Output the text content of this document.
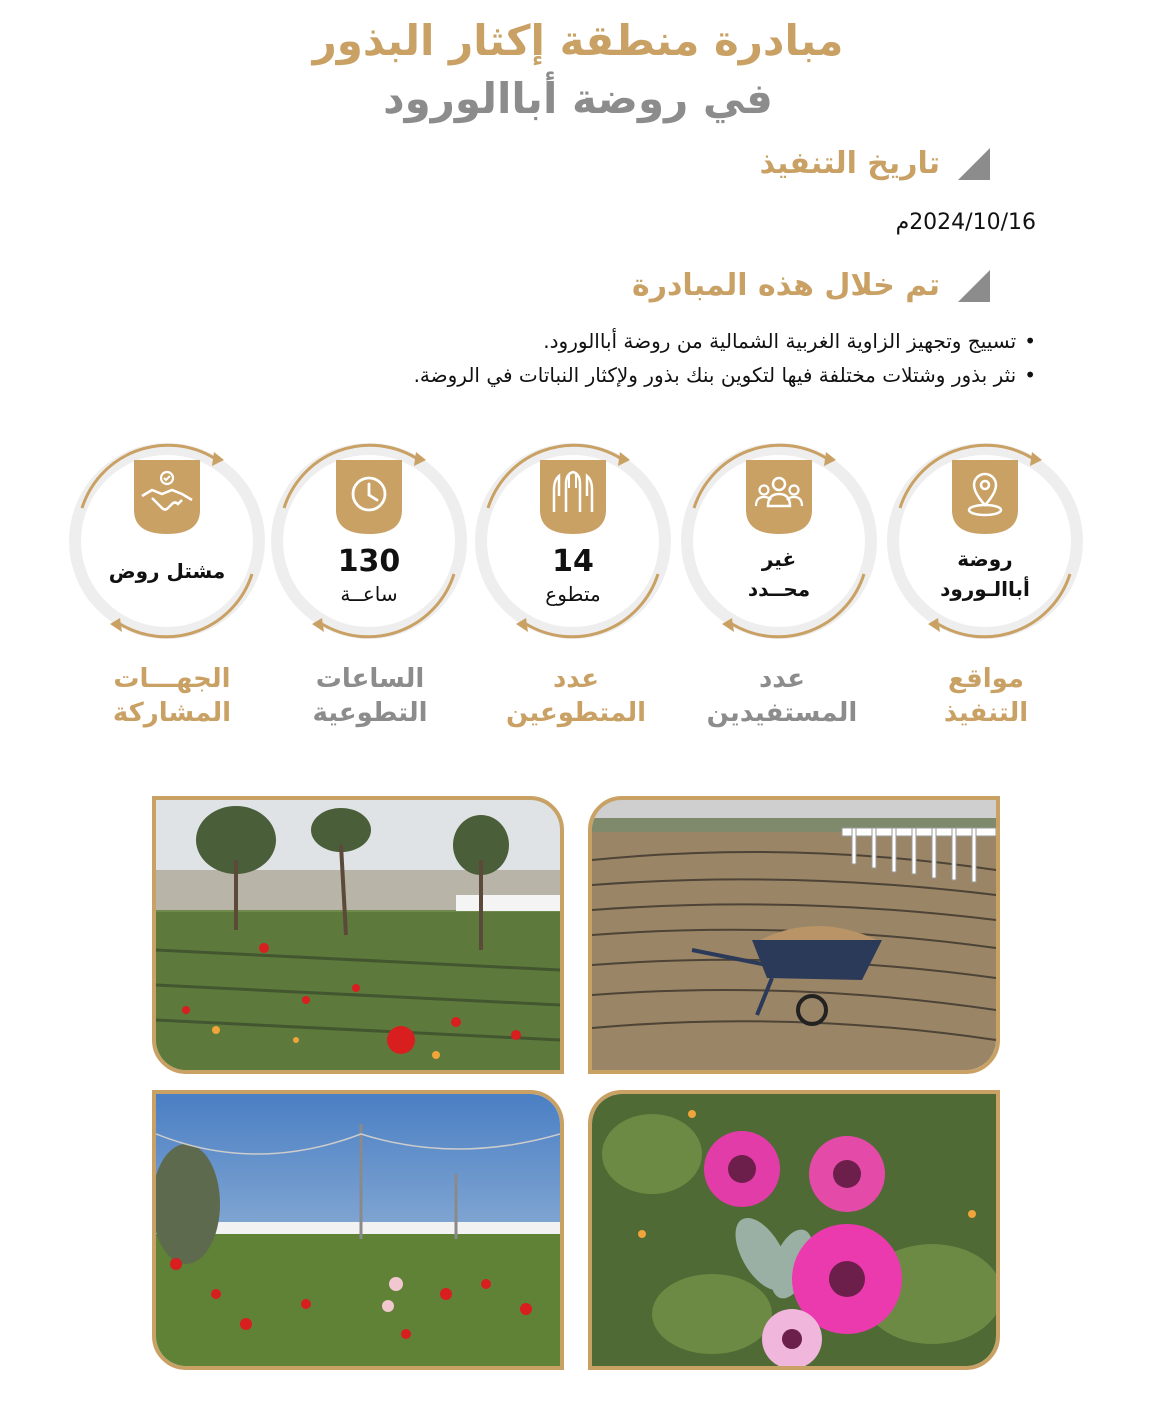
مبادرة منطقة إكثار البذور
في روضة أباالورود
تاريخ التنفيذ
2024/10/16م
تم خلال هذه المبادرة
•تسييج وتجهيز الزاوية الغربية الشمالية من روضة أباالورود.
•نثر بذور وشتلات مختلفة فيها لتكوين بنك بذور ولإكثار النباتات في الروضة.
روضة
أباالـورود
غير
محــدد
14
متطوع
130
ساعــة
مشتل روض
مواقع
التنفيذ
عدد
المستفيدين
عدد
المتطوعين
الساعات
التطوعية
الجهـــات
المشاركة
